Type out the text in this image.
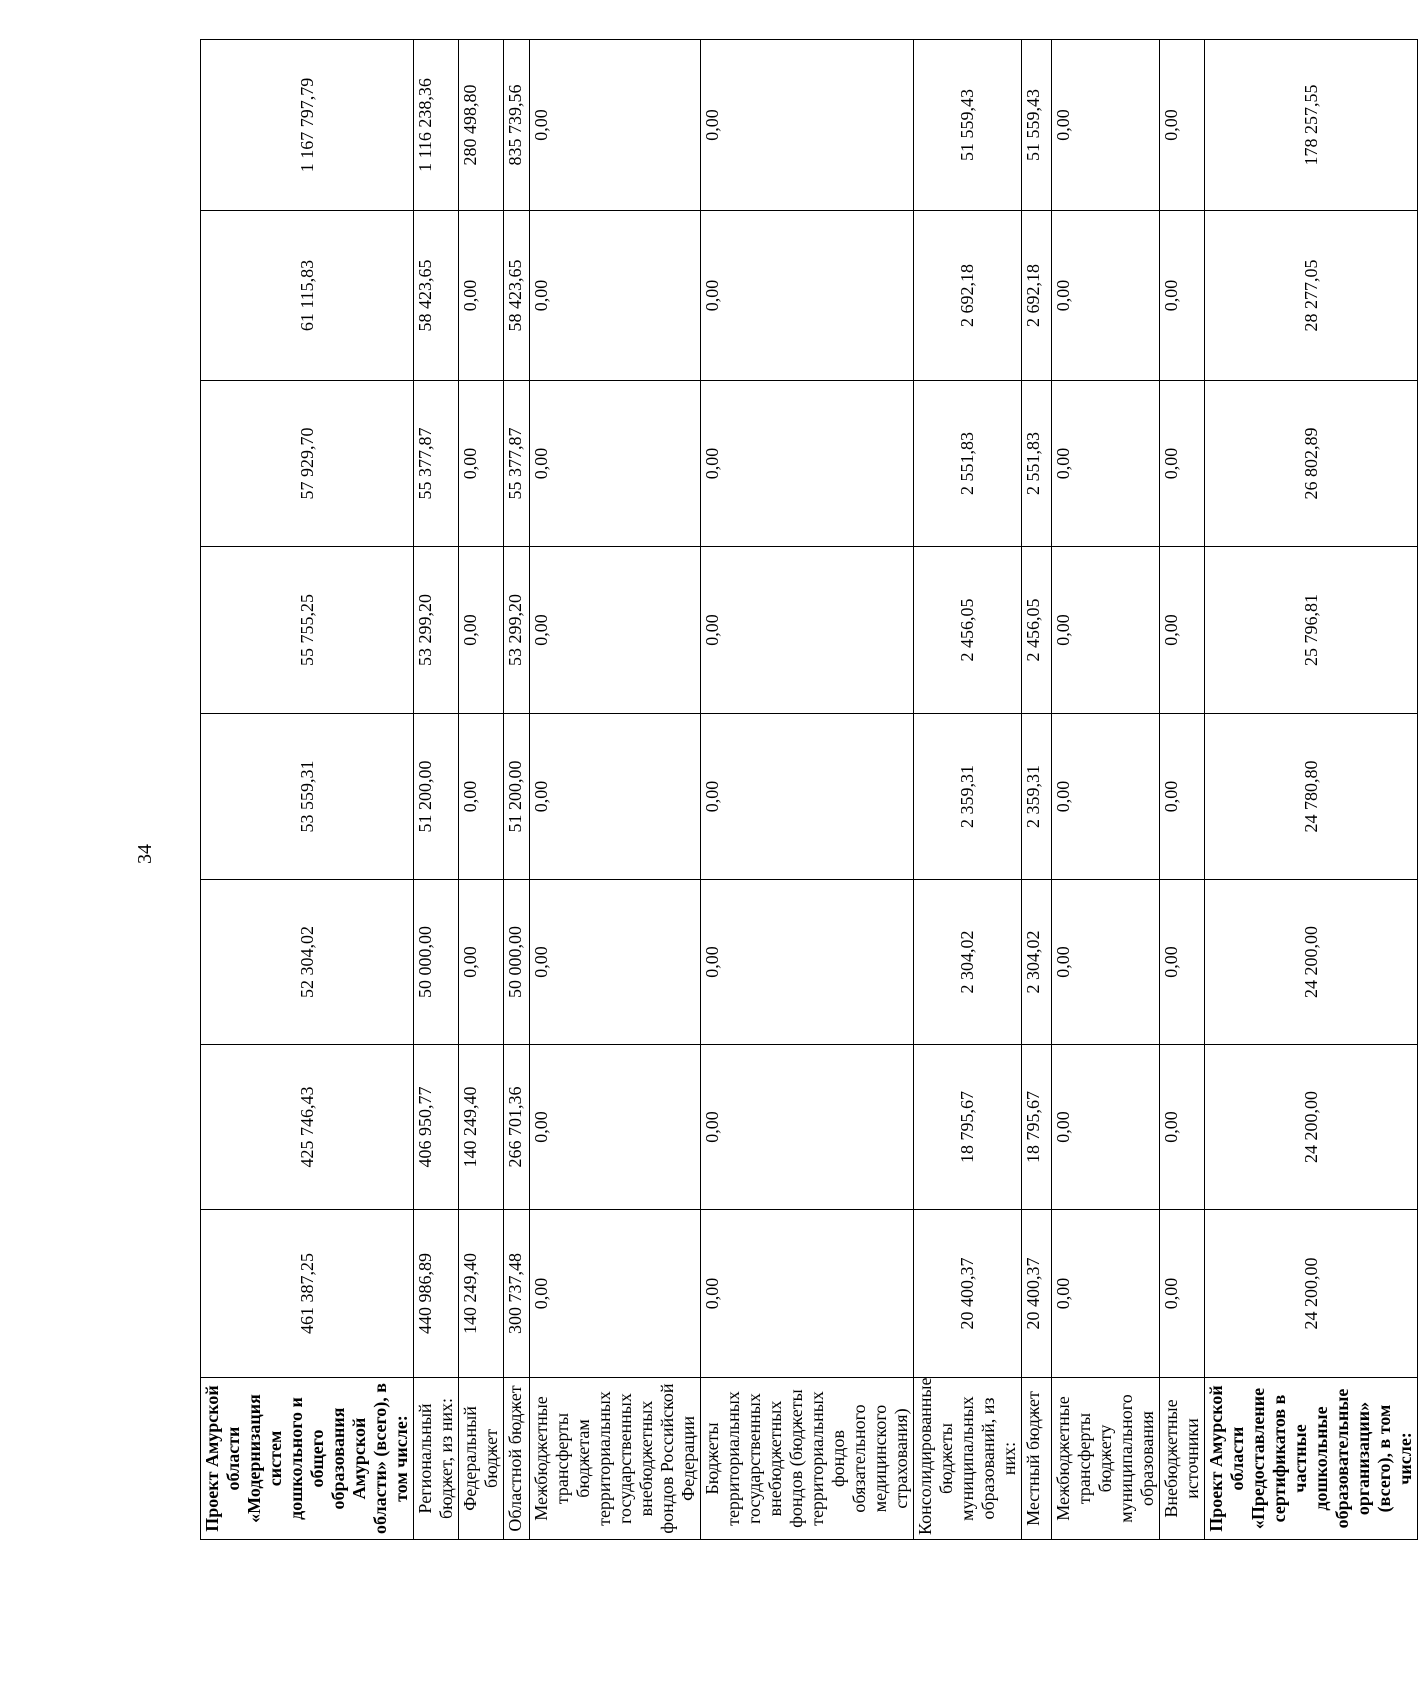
34
Проект Амурской области «Модернизация систем дошкольного и общего образования Амурской области» (всего), в том числе:	461 387,25	425 746,43	52 304,02	53 559,31	55 755,25	57 929,70	61 115,83	1 167 797,79
Региональный бюджет, из них:	440 986,89	406 950,77	50 000,00	51 200,00	53 299,20	55 377,87	58 423,65	1 116 238,36
Федеральный бюджет	140 249,40	140 249,40	0,00	0,00	0,00	0,00	0,00	280 498,80
Областной бюджет	300 737,48	266 701,36	50 000,00	51 200,00	53 299,20	55 377,87	58 423,65	835 739,56
Межбюджетные трансферты бюджетам территориальных государственных внебюджетных фондов Российской Федерации	0,00	0,00	0,00	0,00	0,00	0,00	0,00	0,00
Бюджеты территориальных государственных внебюджетных фондов (бюджеты территориальных фондов обязательного медицинского страхования)	0,00	0,00	0,00	0,00	0,00	0,00	0,00	0,00
Консолидированные бюджеты муниципальных образований, из них:	20 400,37	18 795,67	2 304,02	2 359,31	2 456,05	2 551,83	2 692,18	51 559,43
Местный бюджет	20 400,37	18 795,67	2 304,02	2 359,31	2 456,05	2 551,83	2 692,18	51 559,43
Межбюджетные трансферты бюджету муниципального образования	0,00	0,00	0,00	0,00	0,00	0,00	0,00	0,00
Внебюджетные источники	0,00	0,00	0,00	0,00	0,00	0,00	0,00	0,00
Проект Амурской области «Предоставление сертификатов в частные дошкольные образовательные организации» (всего), в том числе:	24 200,00	24 200,00	24 200,00	24 780,80	25 796,81	26 802,89	28 277,05	178 257,55
